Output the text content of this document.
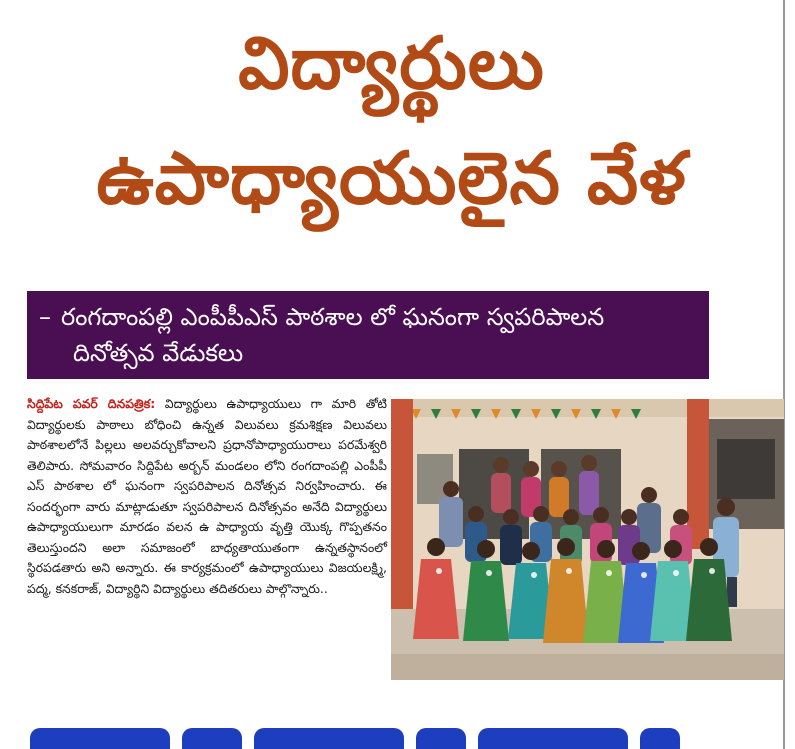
విద్యార్థులు
ఉపాధ్యాయులైన వేళ
– రంగదాంపల్లి ఎంపీపీఎస్ పాఠశాల లో ఘనంగా స్వపరిపాలన
దినోత్సవ వేడుకలు
సిద్దిపేట పవర్ దినపత్రిక: విద్యార్థులు ఉపాధ్యాయులు గా మారి తోటి విద్యార్థులకు పాఠాలు బోధించి ఉన్నత విలువలు క్రమశిక్షణ విలువలు పాఠశాలలోనే పిల్లలు అలవర్చుకోవాలని ప్రధానోపాధ్యాయురాలు పరమేశ్వరి తెలిపారు. సోమవారం సిద్దిపేట అర్బన్ మండలం లోని రంగదాంపల్లి ఎంపీపీ ఎస్ పాఠశాల లో ఘనంగా స్వపరిపాలన దినోత్సవ నిర్వహించారు. ఈ సందర్భంగా వారు మాట్లాడుతూ స్వపరిపాలన దినోత్సవం అనేది విద్యార్థులు ఉపాధ్యాయులుగా మారడం వలన ఉ పాధ్యాయ వృత్తి యొక్క గొప్పతనం తెలుస్తుందని అలా సమాజంలో బాధ్యతాయుతంగా ఉన్నతస్థానంలో స్థిరపడతారు అని అన్నారు. ఈ కార్యక్రమంలో ఉపాధ్యాయులు విజయలక్ష్మి, పద్మ, కనకరాజ్, విద్యార్థిని విద్యార్థులు తదితరులు పాల్గొన్నారు..
